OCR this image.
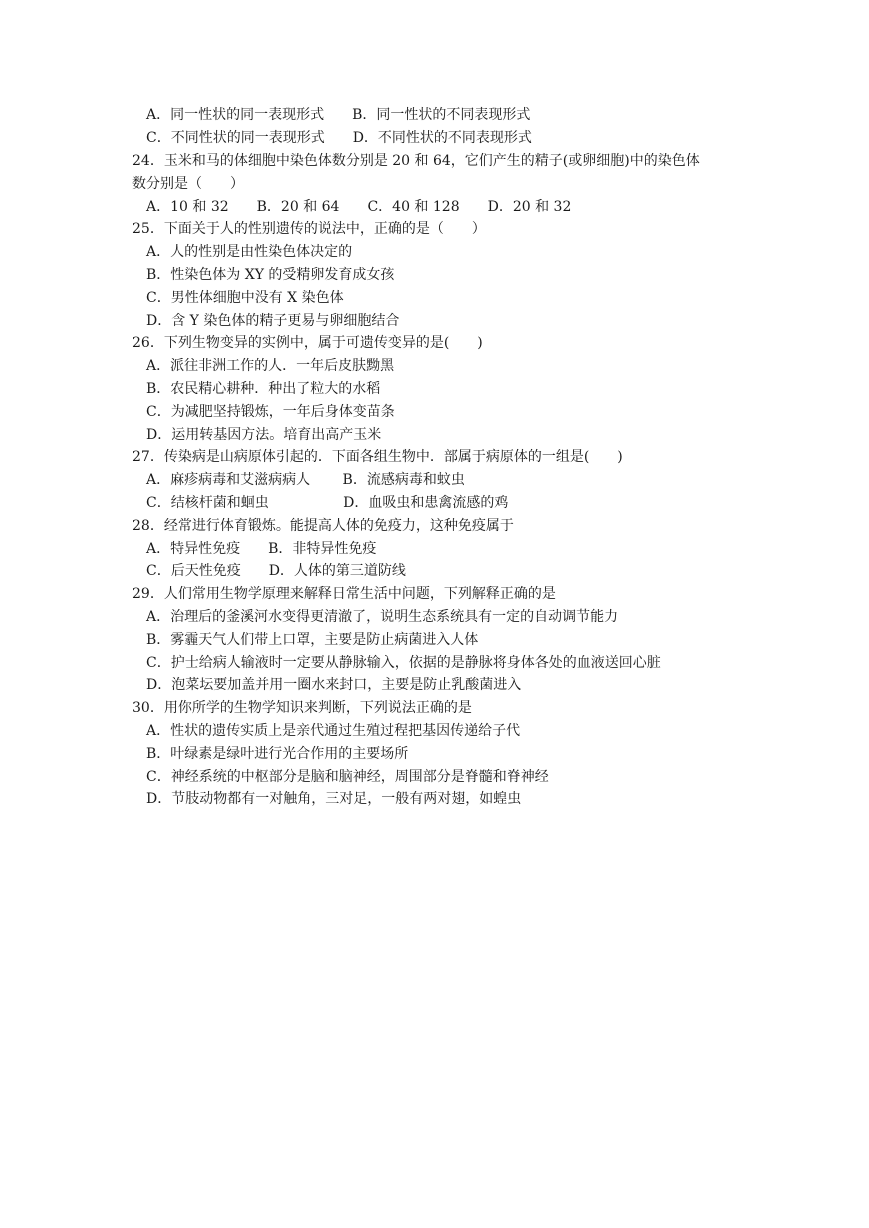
A．同一性状的同一表现形式　　B．同一性状的不同表现形式
C．不同性状的同一表现形式　　D．不同性状的不同表现形式
24．玉米和马的体细胞中染色体数分别是 20 和 64，它们产生的精子(或卵细胞)中的染色体
数分别是（　　）
A．10 和 32　　B．20 和 64　　C．40 和 128　　D．20 和 32
25．下面关于人的性别遗传的说法中，正确的是（　　）
A．人的性别是由性染色体决定的
B．性染色体为 XY 的受精卵发育成女孩
C．男性体细胞中没有 X 染色体
D．含 Y 染色体的精子更易与卵细胞结合
26．下列生物变异的实例中，属于可遗传变异的是(　　)
A．派往非洲工作的人．一年后皮肤黝黑
B．农民精心耕种．种出了粒大的水稻
C．为减肥坚持锻炼，一年后身体变苗条
D．运用转基因方法。培育出高产玉米
27．传染病是山病原体引起的．下面各组生物中．部属于病原体的一组是(　　)
A．麻疹病毒和艾滋病病人　　 B．流感病毒和蚊虫
C．结核杆菌和蛔虫　　　　　 D．血吸虫和患禽流感的鸡
28．经常进行体育锻炼。能提高人体的免疫力，这种免疫属于
A．特异性免疫　　B．非特异性免疫
C．后天性免疫　　D．人体的第三道防线
29．人们常用生物学原理来解释日常生活中问题，下列解释正确的是
A．治理后的釜溪河水变得更清澈了，说明生态系统具有一定的自动调节能力
B．雾霾天气人们带上口罩，主要是防止病菌进入人体
C．护士给病人输液时一定要从静脉输入，依据的是静脉将身体各处的血液送回心脏
D．泡菜坛要加盖并用一圈水来封口，主要是防止乳酸菌进入
30．用你所学的生物学知识来判断，下列说法正确的是
A．性状的遗传实质上是亲代通过生殖过程把基因传递给子代
B．叶绿素是绿叶进行光合作用的主要场所
C．神经系统的中枢部分是脑和脑神经，周围部分是脊髓和脊神经
D．节肢动物都有一对触角，三对足，一般有两对翅，如蝗虫
